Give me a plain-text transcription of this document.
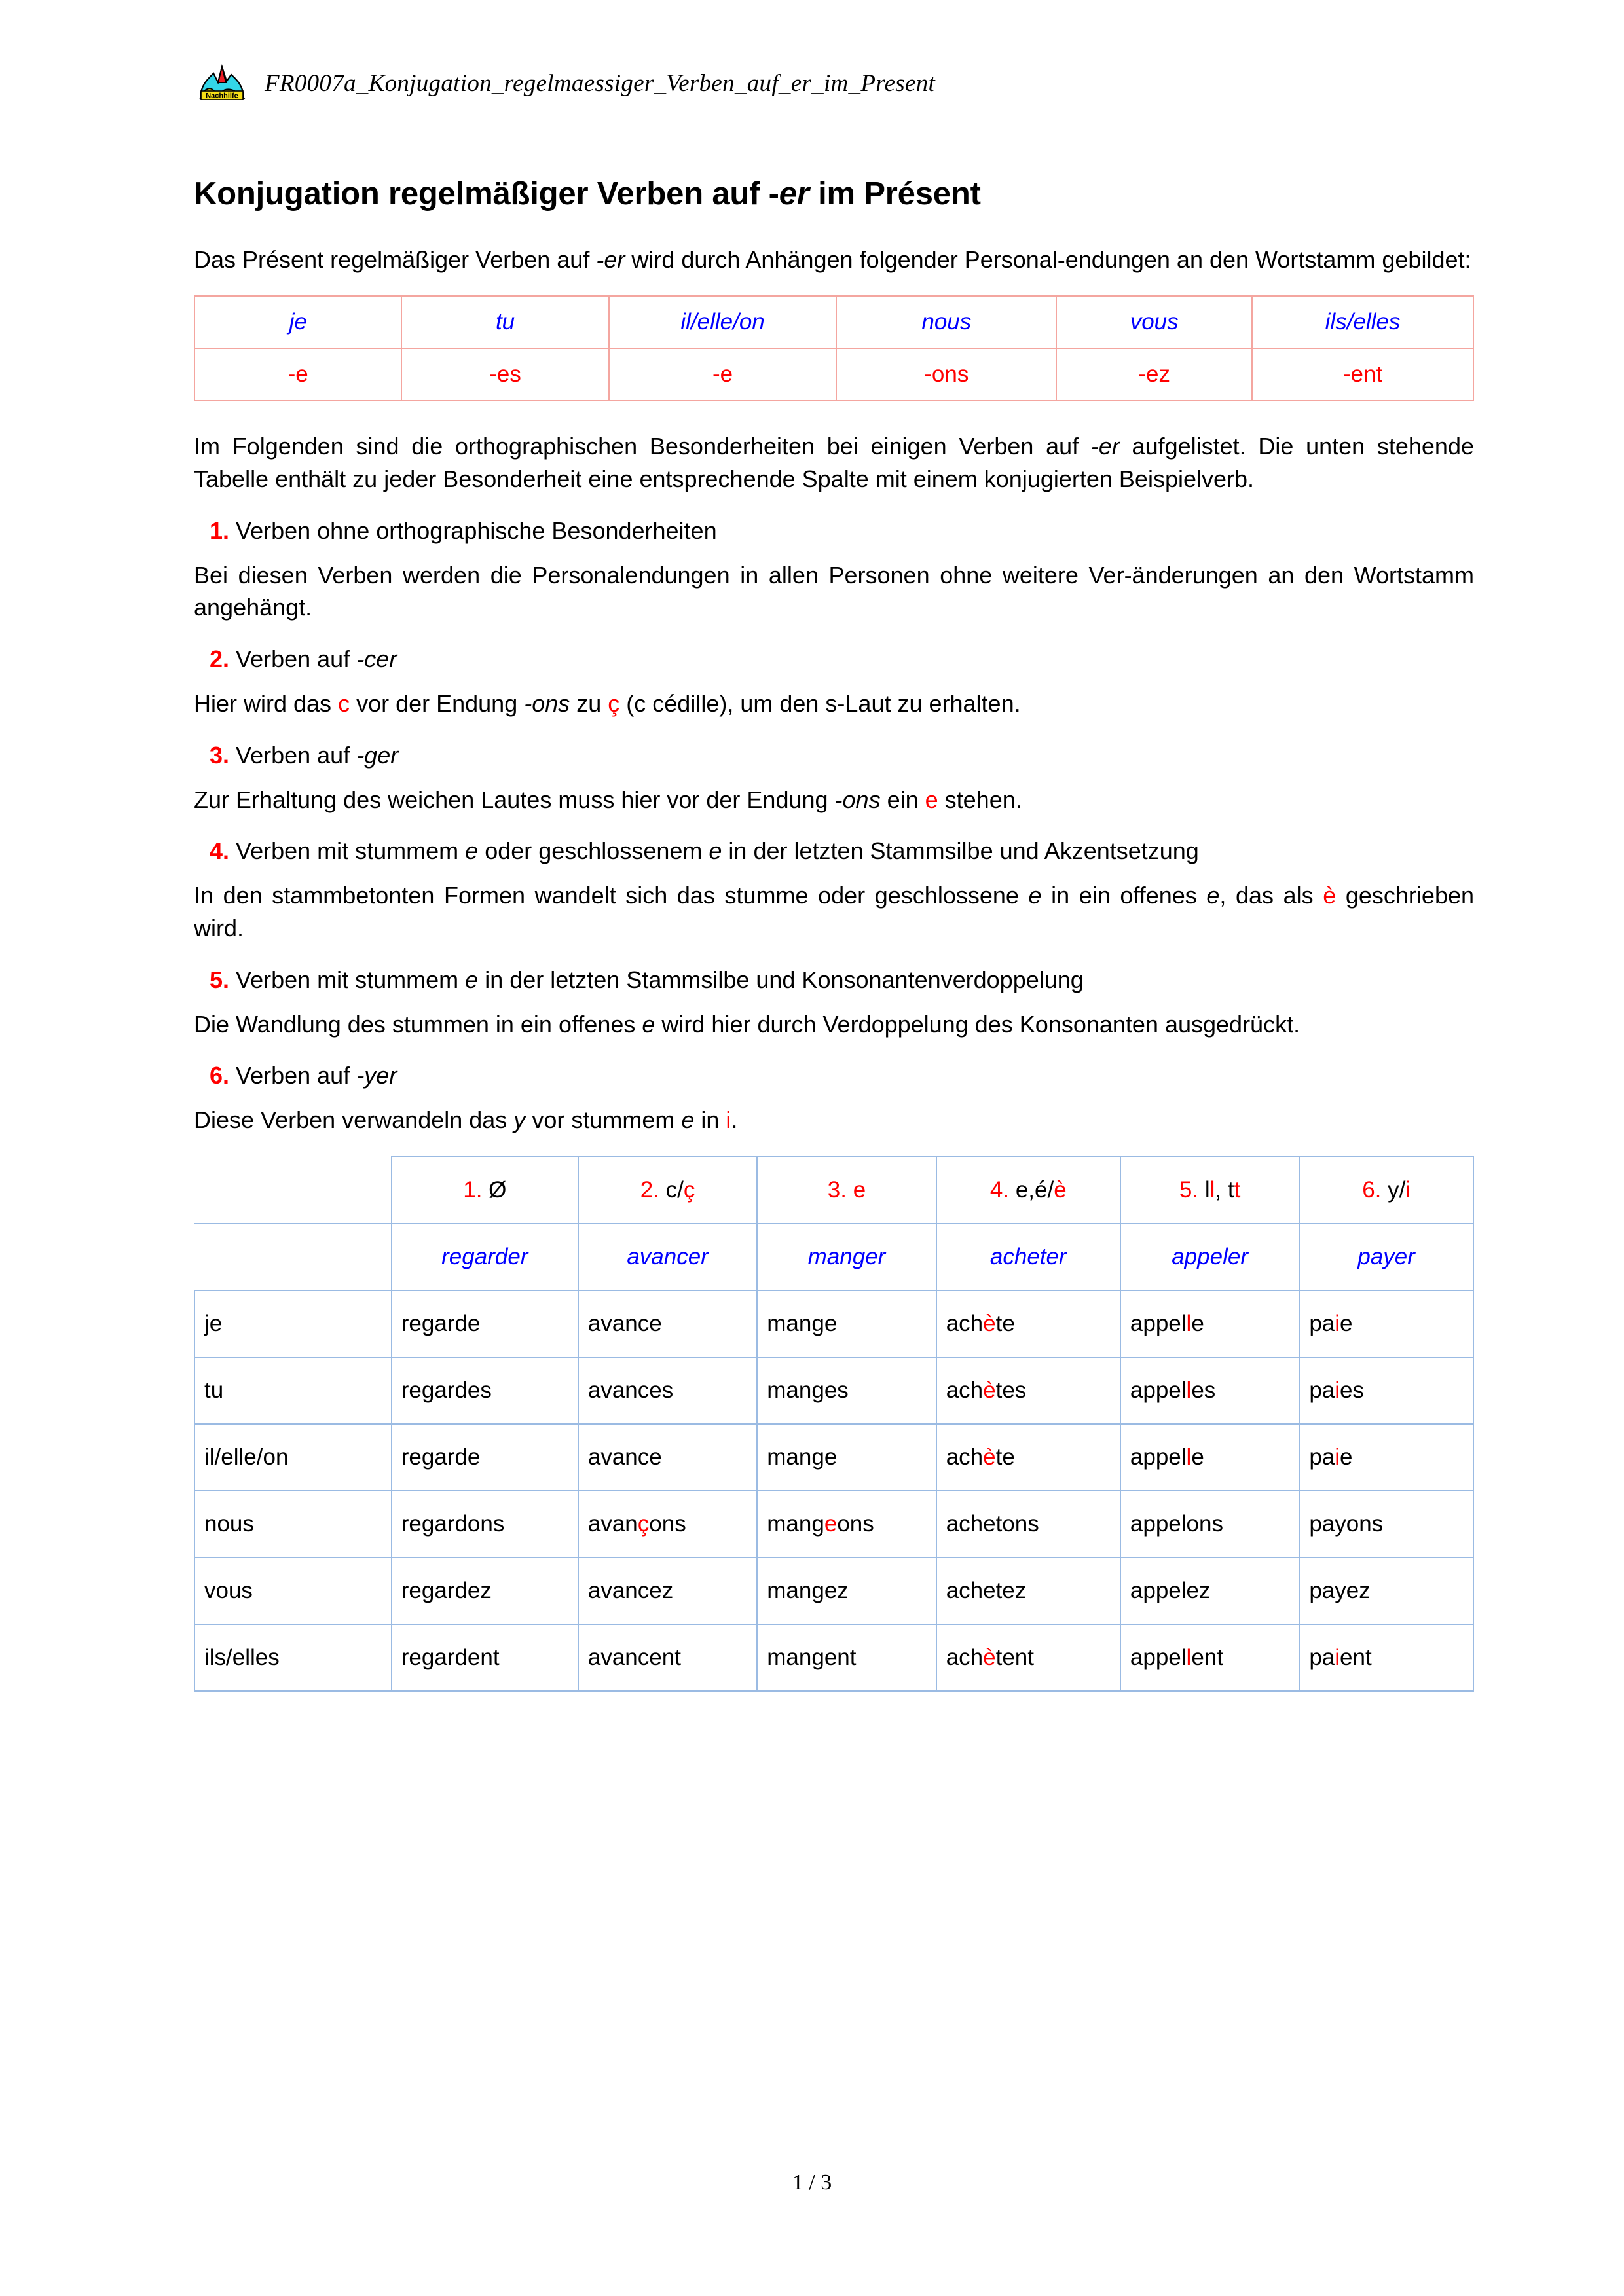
Nachhilfe FR0007a_Konjugation_regelmaessiger_Verben_auf_er_im_Present
Konjugation regelmäßiger Verben auf -er im Présent

Das Présent regelmäßiger Verben auf -er wird durch Anhängen folgender Personal-endungen an den Wortstamm gebildet:

je	tu	il/elle/on	nous	vous	ils/elles
-e	-es	-e	-ons	-ez	-ent

Im Folgenden sind die orthographischen Besonderheiten bei einigen Verben auf -er aufgelistet. Die unten stehende Tabelle enthält zu jeder Besonderheit eine entsprechende Spalte mit einem konjugierten Beispielverb.

1. Verben ohne orthographische Besonderheiten

Bei diesen Verben werden die Personalendungen in allen Personen ohne weitere Ver-änderungen an den Wortstamm angehängt.

2. Verben auf -cer

Hier wird das c vor der Endung -ons zu ç (c cédille), um den s-Laut zu erhalten.

3. Verben auf -ger

Zur Erhaltung des weichen Lautes muss hier vor der Endung -ons ein e stehen.

4. Verben mit stummem e oder geschlossenem e in der letzten Stammsilbe und Akzentsetzung

In den stammbetonten Formen wandelt sich das stumme oder geschlossene e in ein offenes e, das als è geschrieben wird.

5. Verben mit stummem e in der letzten Stammsilbe und Konsonantenverdoppelung

Die Wandlung des stummen in ein offenes e wird hier durch Verdoppelung des Konsonanten ausgedrückt.

6. Verben auf -yer

Diese Verben verwandeln das y vor stummem e in i.

	1. Ø	2. c/ç	3. e	4. e,é/è	5. ll, tt	6. y/i
	regarder	avancer	manger	acheter	appeler	payer
je	regarde	avance	mange	achète	appelle	paie
tu	regardes	avances	manges	achètes	appelles	paies
il/elle/on	regarde	avance	mange	achète	appelle	paie
nous	regardons	avançons	mangeons	achetons	appelons	payons
vous	regardez	avancez	mangez	achetez	appelez	payez
ils/elles	regardent	avancent	mangent	achètent	appellent	paient
1 / 3
